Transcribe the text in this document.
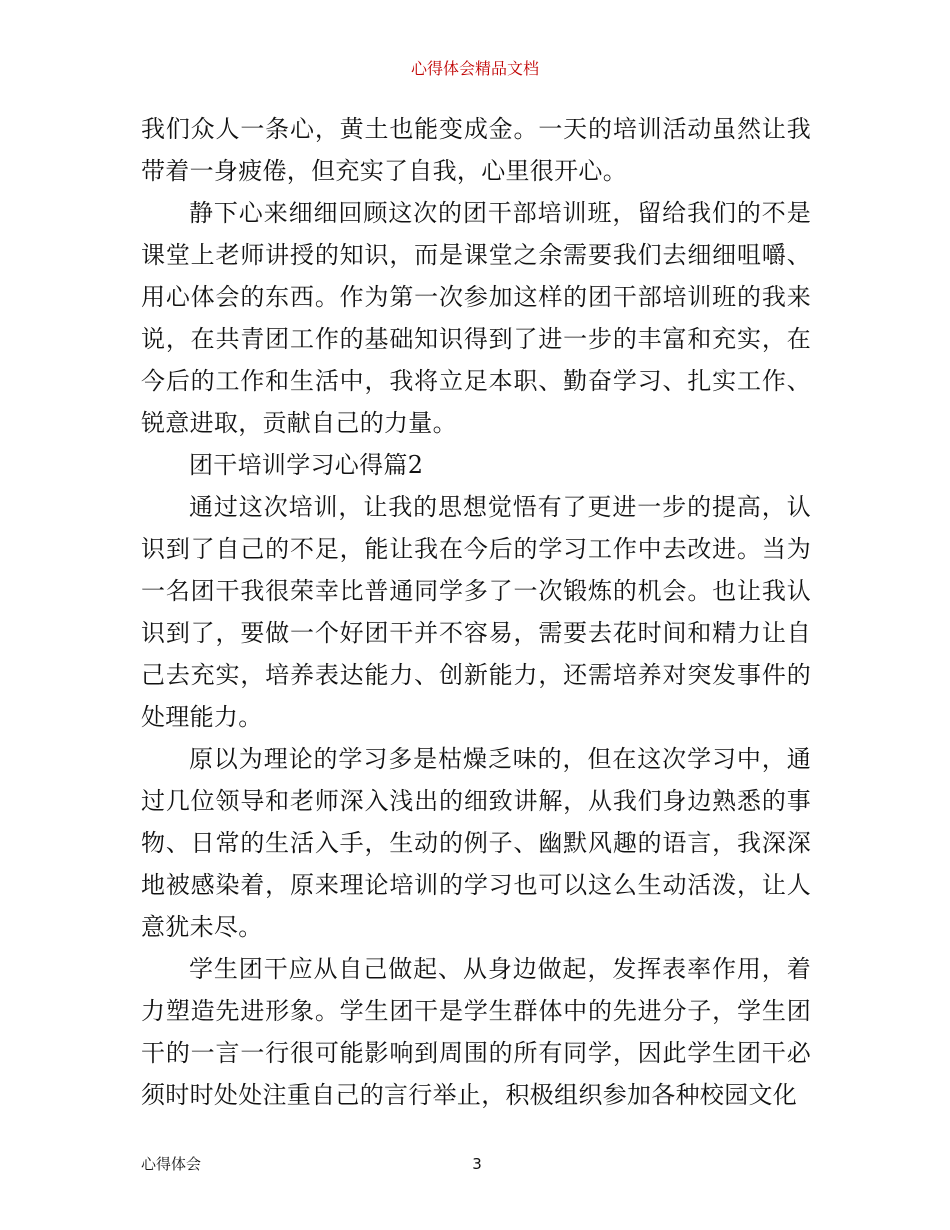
心得体会精品文档

我们众人一条心，黄土也能变成金。一天的培训活动虽然让我带着一身疲倦，但充实了自我，心里很开心。

静下心来细细回顾这次的团干部培训班，留给我们的不是课堂上老师讲授的知识，而是课堂之余需要我们去细细咀嚼、用心体会的东西。作为第一次参加这样的团干部培训班的我来说，在共青团工作的基础知识得到了进一步的丰富和充实，在今后的工作和生活中，我将立足本职、勤奋学习、扎实工作、锐意进取，贡献自己的力量。

团干培训学习心得篇2

通过这次培训，让我的思想觉悟有了更进一步的提高，认识到了自己的不足，能让我在今后的学习工作中去改进。当为一名团干我很荣幸比普通同学多了一次锻炼的机会。也让我认识到了，要做一个好团干并不容易，需要去花时间和精力让自己去充实，培养表达能力、创新能力，还需培养对突发事件的处理能力。

原以为理论的学习多是枯燥乏味的，但在这次学习中，通过几位领导和老师深入浅出的细致讲解，从我们身边熟悉的事物、日常的生活入手，生动的例子、幽默风趣的语言，我深深地被感染着，原来理论培训的学习也可以这么生动活泼，让人意犹未尽。

学生团干应从自己做起、从身边做起，发挥表率作用，着力塑造先进形象。学生团干是学生群体中的先进分子，学生团干的一言一行很可能影响到周围的所有同学，因此学生团干必须时时处处注重自己的言行举止，积极组织参加各种校园文化

心得体会	3
